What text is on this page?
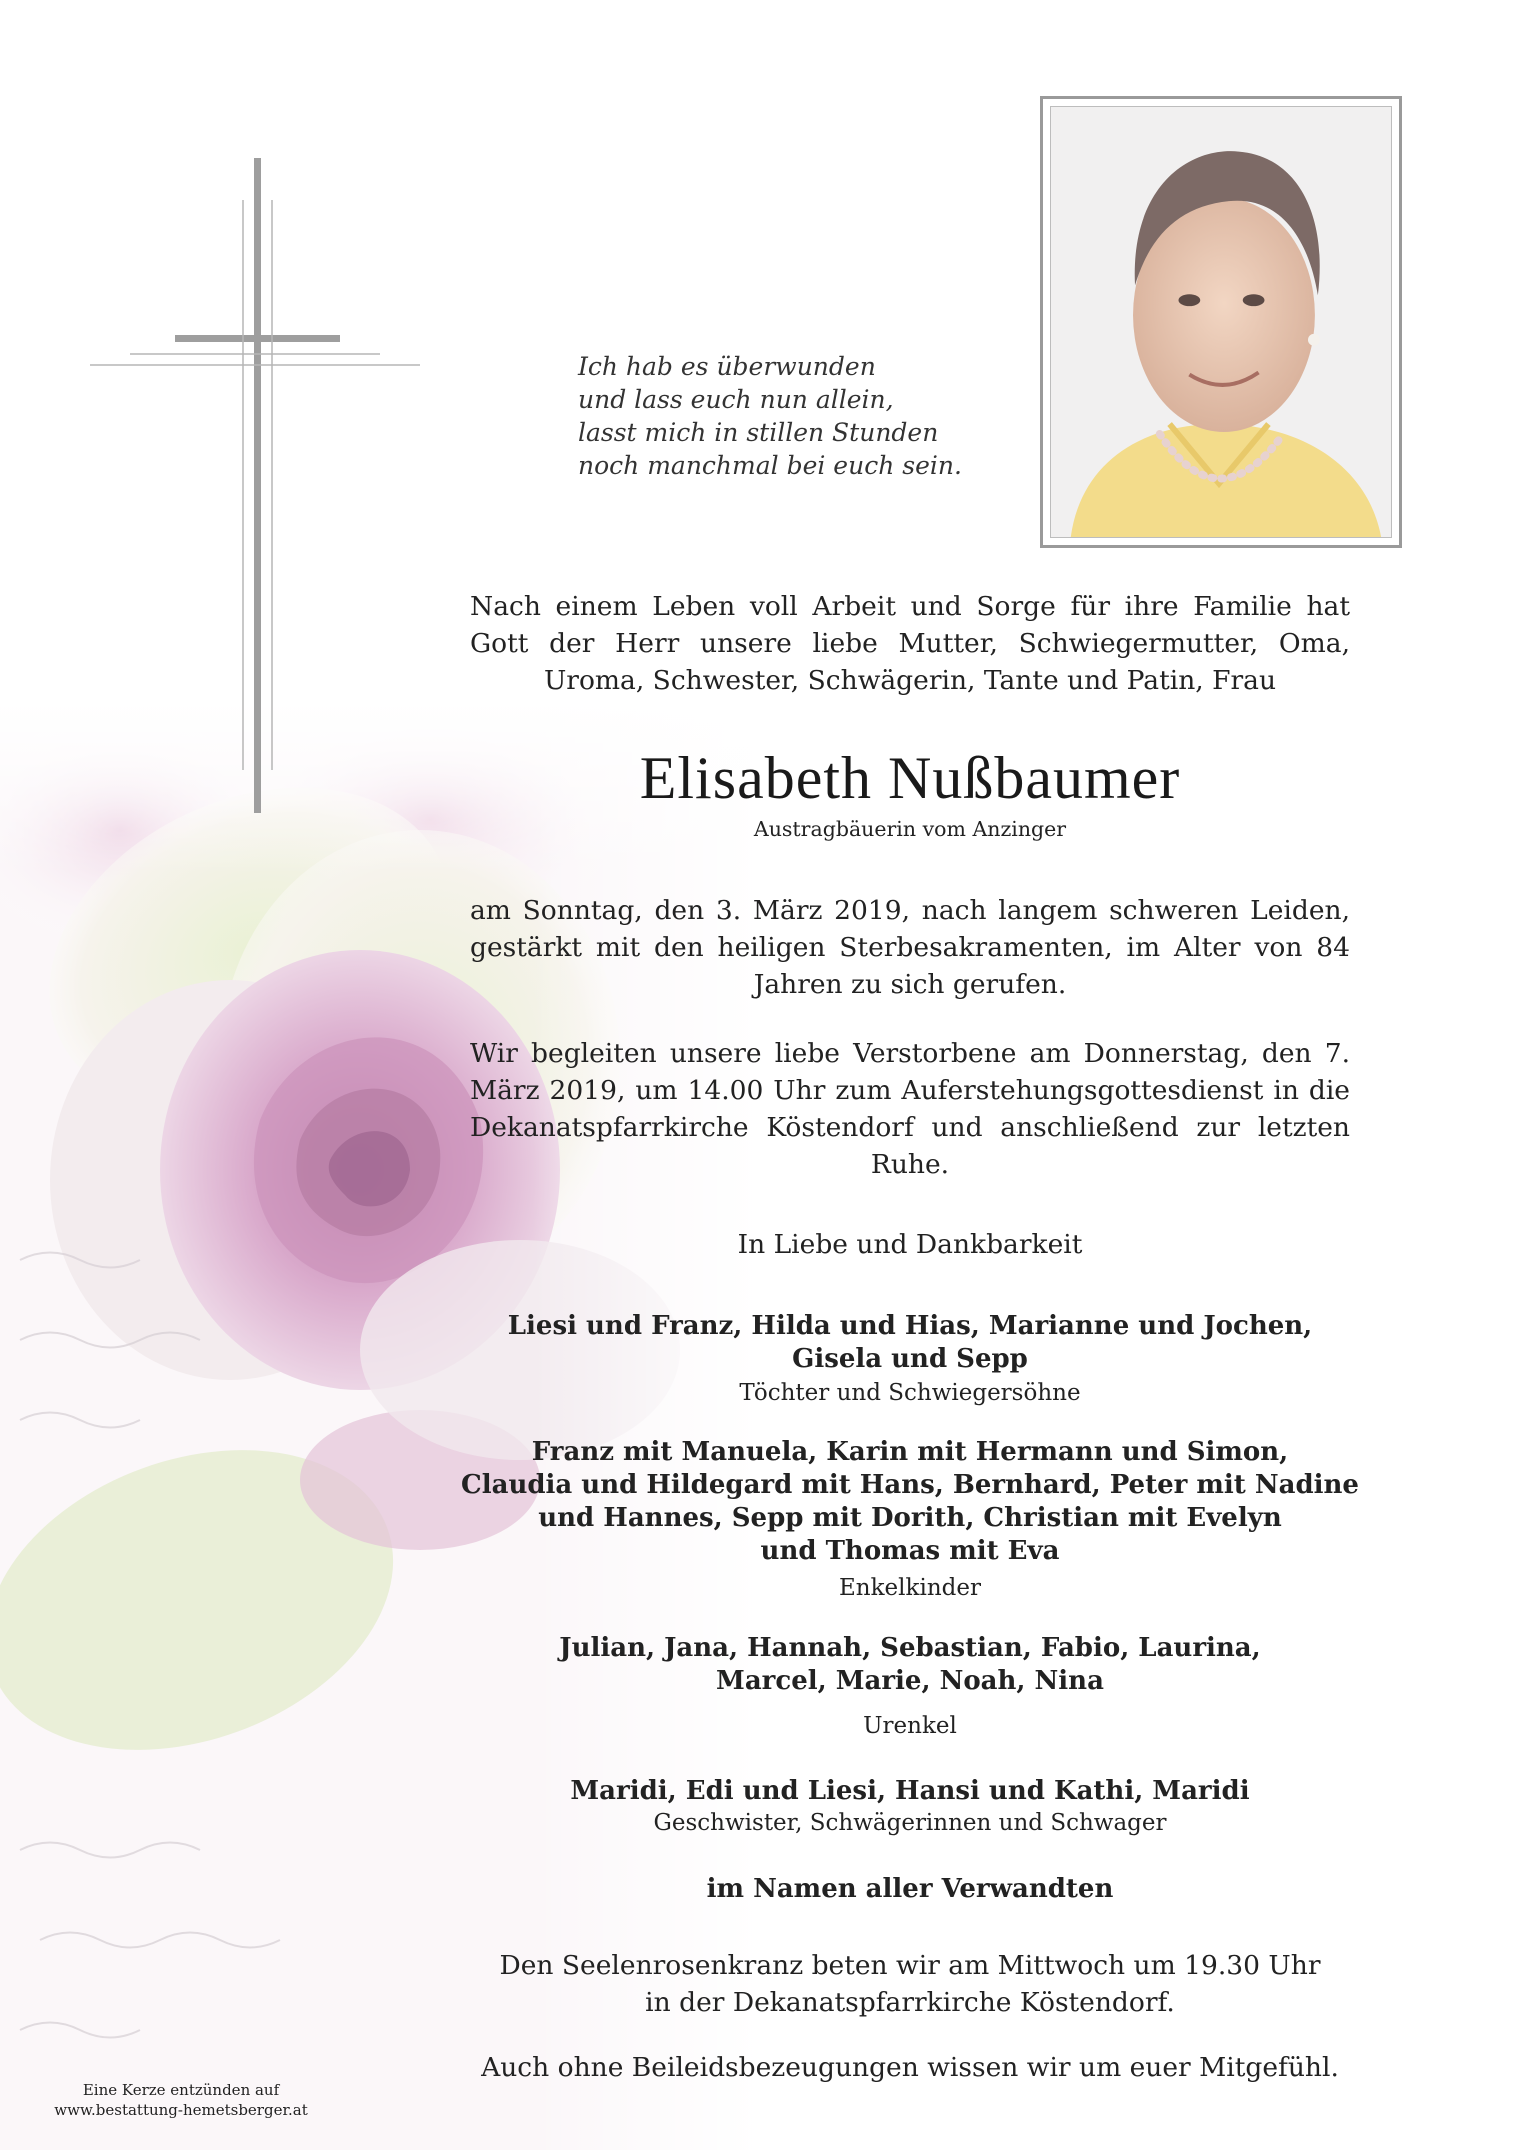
Ich hab es überwunden
und lass euch nun allein,
lasst mich in stillen Stunden
noch manchmal bei euch sein.
Nach einem Leben voll Arbeit und Sorge für ihre Familie hat Gott der Herr unsere liebe Mutter, Schwiegermutter, Oma, Uroma, Schwester, Schwägerin, Tante und Patin, Frau
Elisabeth Nußbaumer
Austragbäuerin vom Anzinger
am Sonntag, den 3. März 2019, nach langem schweren Leiden, gestärkt mit den heiligen Sterbesakramenten, im Alter von 84 Jahren zu sich gerufen.
Wir begleiten unsere liebe Verstorbene am Donnerstag, den 7. März 2019, um 14.00 Uhr zum Auferstehungsgottesdienst in die Dekanatspfarrkirche Köstendorf und anschließend zur letzten Ruhe.
In Liebe und Dankbarkeit
Liesi und Franz, Hilda und Hias, Marianne und Jochen,
Gisela und Sepp
Töchter und Schwiegersöhne
Franz mit Manuela, Karin mit Hermann und Simon,
Claudia und Hildegard mit Hans, Bernhard, Peter mit Nadine
und Hannes, Sepp mit Dorith, Christian mit Evelyn
und Thomas mit Eva
Enkelkinder
Julian, Jana, Hannah, Sebastian, Fabio, Laurina,
Marcel, Marie, Noah, Nina
Urenkel
Maridi, Edi und Liesi, Hansi und Kathi, Maridi
Geschwister, Schwägerinnen und Schwager
im Namen aller Verwandten
Den Seelenrosenkranz beten wir am Mittwoch um 19.30 Uhr
in der Dekanatspfarrkirche Köstendorf.
Auch ohne Beileidsbezeugungen wissen wir um euer Mitgefühl.
Eine Kerze entzünden auf
www.bestattung-hemetsberger.at
